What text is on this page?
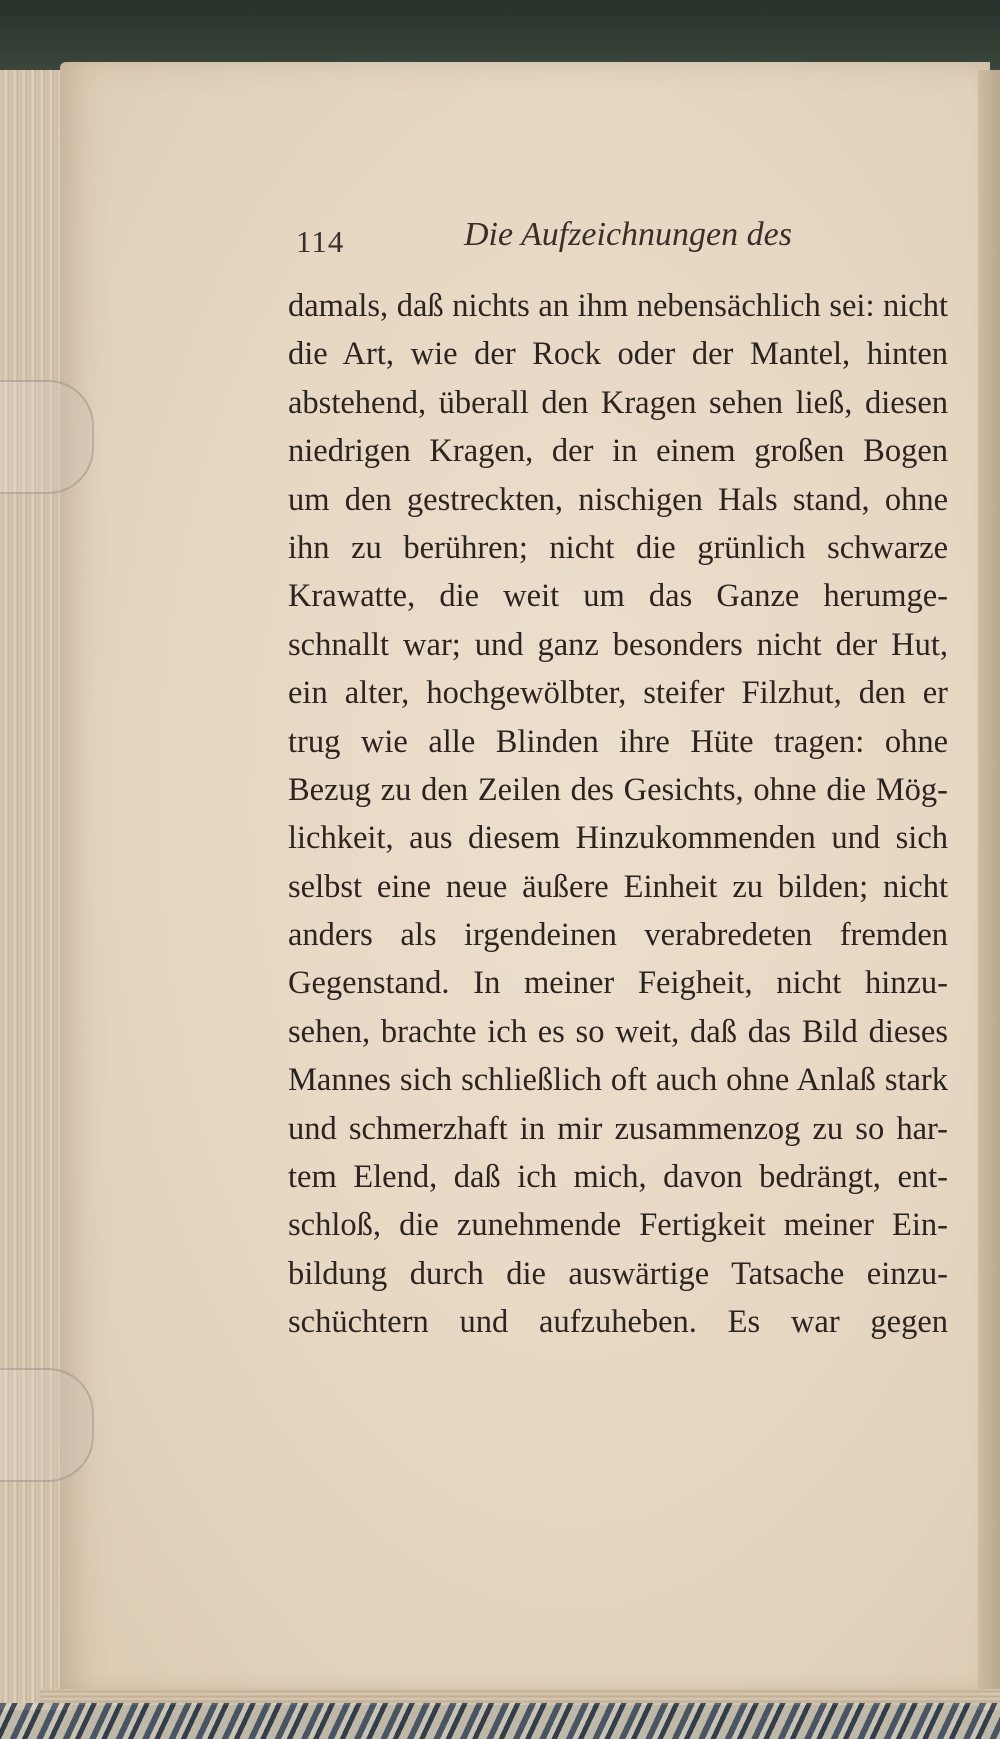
114	Die Aufzeichnungen des
damals, daß nichts an ihm nebensächlich sei: nicht
die Art, wie der Rock oder der Mantel, hinten
abstehend, überall den Kragen sehen ließ, diesen
niedrigen Kragen, der in einem großen Bogen
um den gestreckten, nischigen Hals stand, ohne
ihn zu berühren; nicht die grünlich schwarze
Krawatte, die weit um das Ganze herumge-
schnallt war; und ganz besonders nicht der Hut,
ein alter, hochgewölbter, steifer Filzhut, den er
trug wie alle Blinden ihre Hüte tragen: ohne
Bezug zu den Zeilen des Gesichts, ohne die Mög-
lichkeit, aus diesem Hinzukommenden und sich
selbst eine neue äußere Einheit zu bilden; nicht
anders als irgendeinen verabredeten fremden
Gegenstand. In meiner Feigheit, nicht hinzu-
sehen, brachte ich es so weit, daß das Bild dieses
Mannes sich schließlich oft auch ohne Anlaß stark
und schmerzhaft in mir zusammenzog zu so har-
tem Elend, daß ich mich, davon bedrängt, ent-
schloß, die zunehmende Fertigkeit meiner Ein-
bildung durch die auswärtige Tatsache einzu-
schüchtern und aufzuheben. Es war gegen
